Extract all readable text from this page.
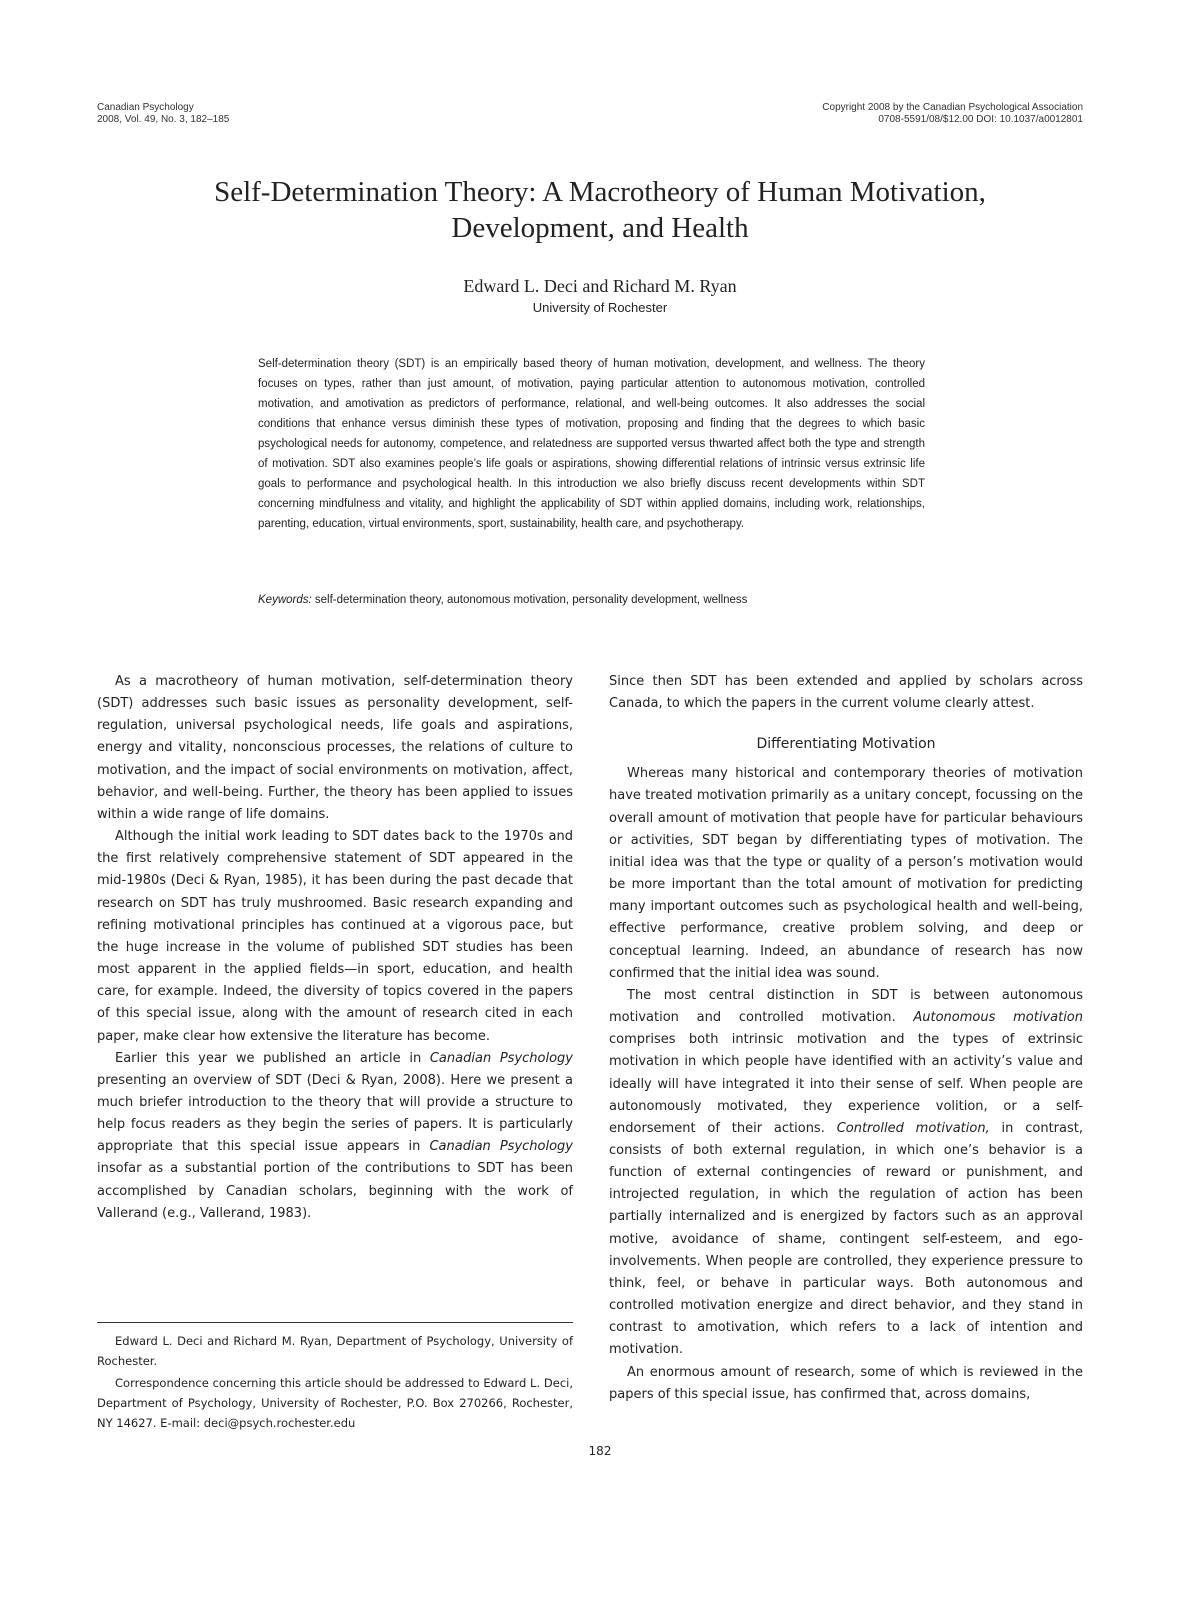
Canadian Psychology
2008, Vol. 49, No. 3, 182–185
Copyright 2008 by the Canadian Psychological Association
0708-5591/08/$12.00 DOI: 10.1037/a0012801
Self-Determination Theory: A Macrotheory of Human Motivation,
Development, and Health
Edward L. Deci and Richard M. Ryan
University of Rochester

Self-determination theory (SDT) is an empirically based theory of human motivation, development, and wellness. The theory focuses on types, rather than just amount, of motivation, paying particular attention to autonomous motivation, controlled motivation, and amotivation as predictors of performance, relational, and well-being outcomes. It also addresses the social conditions that enhance versus diminish these types of motivation, proposing and finding that the degrees to which basic psychological needs for autonomy, competence, and relatedness are supported versus thwarted affect both the type and strength of motivation. SDT also examines people’s life goals or aspirations, showing differential relations of intrinsic versus extrinsic life goals to performance and psychological health. In this introduction we also briefly discuss recent developments within SDT concerning mindfulness and vitality, and highlight the applicability of SDT within applied domains, including work, relationships, parenting, education, virtual environments, sport, sustainability, health care, and psychotherapy.

Keywords: self-determination theory, autonomous motivation, personality development, wellness

As a macrotheory of human motivation, self-determination theory (SDT) addresses such basic issues as personality development, self-regulation, universal psychological needs, life goals and aspirations, energy and vitality, nonconscious processes, the relations of culture to motivation, and the impact of social environments on motivation, affect, behavior, and well-being. Further, the theory has been applied to issues within a wide range of life domains.

Although the initial work leading to SDT dates back to the 1970s and the first relatively comprehensive statement of SDT appeared in the mid-1980s (Deci & Ryan, 1985), it has been during the past decade that research on SDT has truly mushroomed. Basic research expanding and refining motivational principles has continued at a vigorous pace, but the huge increase in the volume of published SDT studies has been most apparent in the applied fields—in sport, education, and health care, for example. Indeed, the diversity of topics covered in the papers of this special issue, along with the amount of research cited in each paper, make clear how extensive the literature has become.

Earlier this year we published an article in Canadian Psychology presenting an overview of SDT (Deci & Ryan, 2008). Here we present a much briefer introduction to the theory that will provide a structure to help focus readers as they begin the series of papers. It is particularly appropriate that this special issue appears in Canadian Psychology insofar as a substantial portion of the contributions to SDT has been accomplished by Canadian scholars, beginning with the work of Vallerand (e.g., Vallerand, 1983).

Edward L. Deci and Richard M. Ryan, Department of Psychology, University of Rochester.

Correspondence concerning this article should be addressed to Edward L. Deci, Department of Psychology, University of Rochester, P.O. Box 270266, Rochester, NY 14627. E-mail: deci@psych.rochester.edu

Since then SDT has been extended and applied by scholars across Canada, to which the papers in the current volume clearly attest.

Differentiating Motivation

Whereas many historical and contemporary theories of motivation have treated motivation primarily as a unitary concept, focussing on the overall amount of motivation that people have for particular behaviours or activities, SDT began by differentiating types of motivation. The initial idea was that the type or quality of a person’s motivation would be more important than the total amount of motivation for predicting many important outcomes such as psychological health and well-being, effective performance, creative problem solving, and deep or conceptual learning. Indeed, an abundance of research has now confirmed that the initial idea was sound.

The most central distinction in SDT is between autonomous motivation and controlled motivation. Autonomous motivation comprises both intrinsic motivation and the types of extrinsic motivation in which people have identified with an activity’s value and ideally will have integrated it into their sense of self. When people are autonomously motivated, they experience volition, or a self-endorsement of their actions. Controlled motivation, in contrast, consists of both external regulation, in which one’s behavior is a function of external contingencies of reward or punishment, and introjected regulation, in which the regulation of action has been partially internalized and is energized by factors such as an approval motive, avoidance of shame, contingent self-esteem, and ego-involvements. When people are controlled, they experience pressure to think, feel, or behave in particular ways. Both autonomous and controlled motivation energize and direct behavior, and they stand in contrast to amotivation, which refers to a lack of intention and motivation.

An enormous amount of research, some of which is reviewed in the papers of this special issue, has confirmed that, across domains,

182
